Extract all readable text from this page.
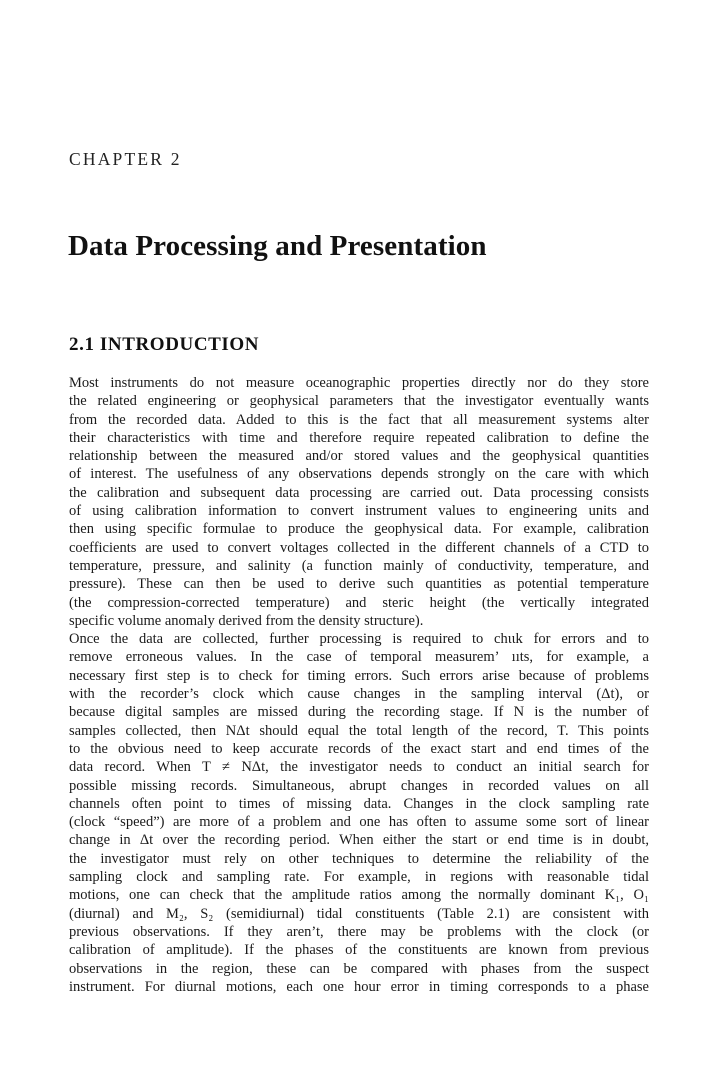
CHAPTER 2
Data Processing and Presentation
2.1 INTRODUCTION
Most instruments do not measure oceanographic properties directly nor do they store
the related engineering or geophysical parameters that the investigator eventually wants
from the recorded data. Added to this is the fact that all measurement systems alter
their characteristics with time and therefore require repeated calibration to define the
relationship between the measured and/or stored values and the geophysical quantities
of interest. The usefulness of any observations depends strongly on the care with which
the calibration and subsequent data processing are carried out. Data processing consists
of using calibration information to convert instrument values to engineering units and
then using specific formulae to produce the geophysical data. For example, calibration
coefficients are used to convert voltages collected in the different channels of a CTD to
temperature, pressure, and salinity (a function mainly of conductivity, temperature, and
pressure). These can then be used to derive such quantities as potential temperature
(the compression-corrected temperature) and steric height (the vertically integrated
specific volume anomaly derived from the density structure).
Once the data are collected, further processing is required to chɩɩk for errors and to
remove erroneous values. In the case of temporal measurem’ ııts, for example, a
necessary first step is to check for timing errors. Such errors arise because of problems
with the recorder’s clock which cause changes in the sampling interval (Δt), or
because digital samples are missed during the recording stage. If N is the number of
samples collected, then NΔt should equal the total length of the record, T. This points
to the obvious need to keep accurate records of the exact start and end times of the
data record. When T ≠ NΔt, the investigator needs to conduct an initial search for
possible missing records. Simultaneous, abrupt changes in recorded values on all
channels often point to times of missing data. Changes in the clock sampling rate
(clock “speed”) are more of a problem and one has often to assume some sort of linear
change in Δt over the recording period. When either the start or end time is in doubt,
the investigator must rely on other techniques to determine the reliability of the
sampling clock and sampling rate. For example, in regions with reasonable tidal
motions, one can check that the amplitude ratios among the normally dominant K₁, O₁
(diurnal) and M₂, S₂ (semidiurnal) tidal constituents (Table 2.1) are consistent with
previous observations. If they aren’t, there may be problems with the clock (or
calibration of amplitude). If the phases of the constituents are known from previous
observations in the region, these can be compared with phases from the suspect
instrument. For diurnal motions, each one hour error in timing corresponds to a phase
